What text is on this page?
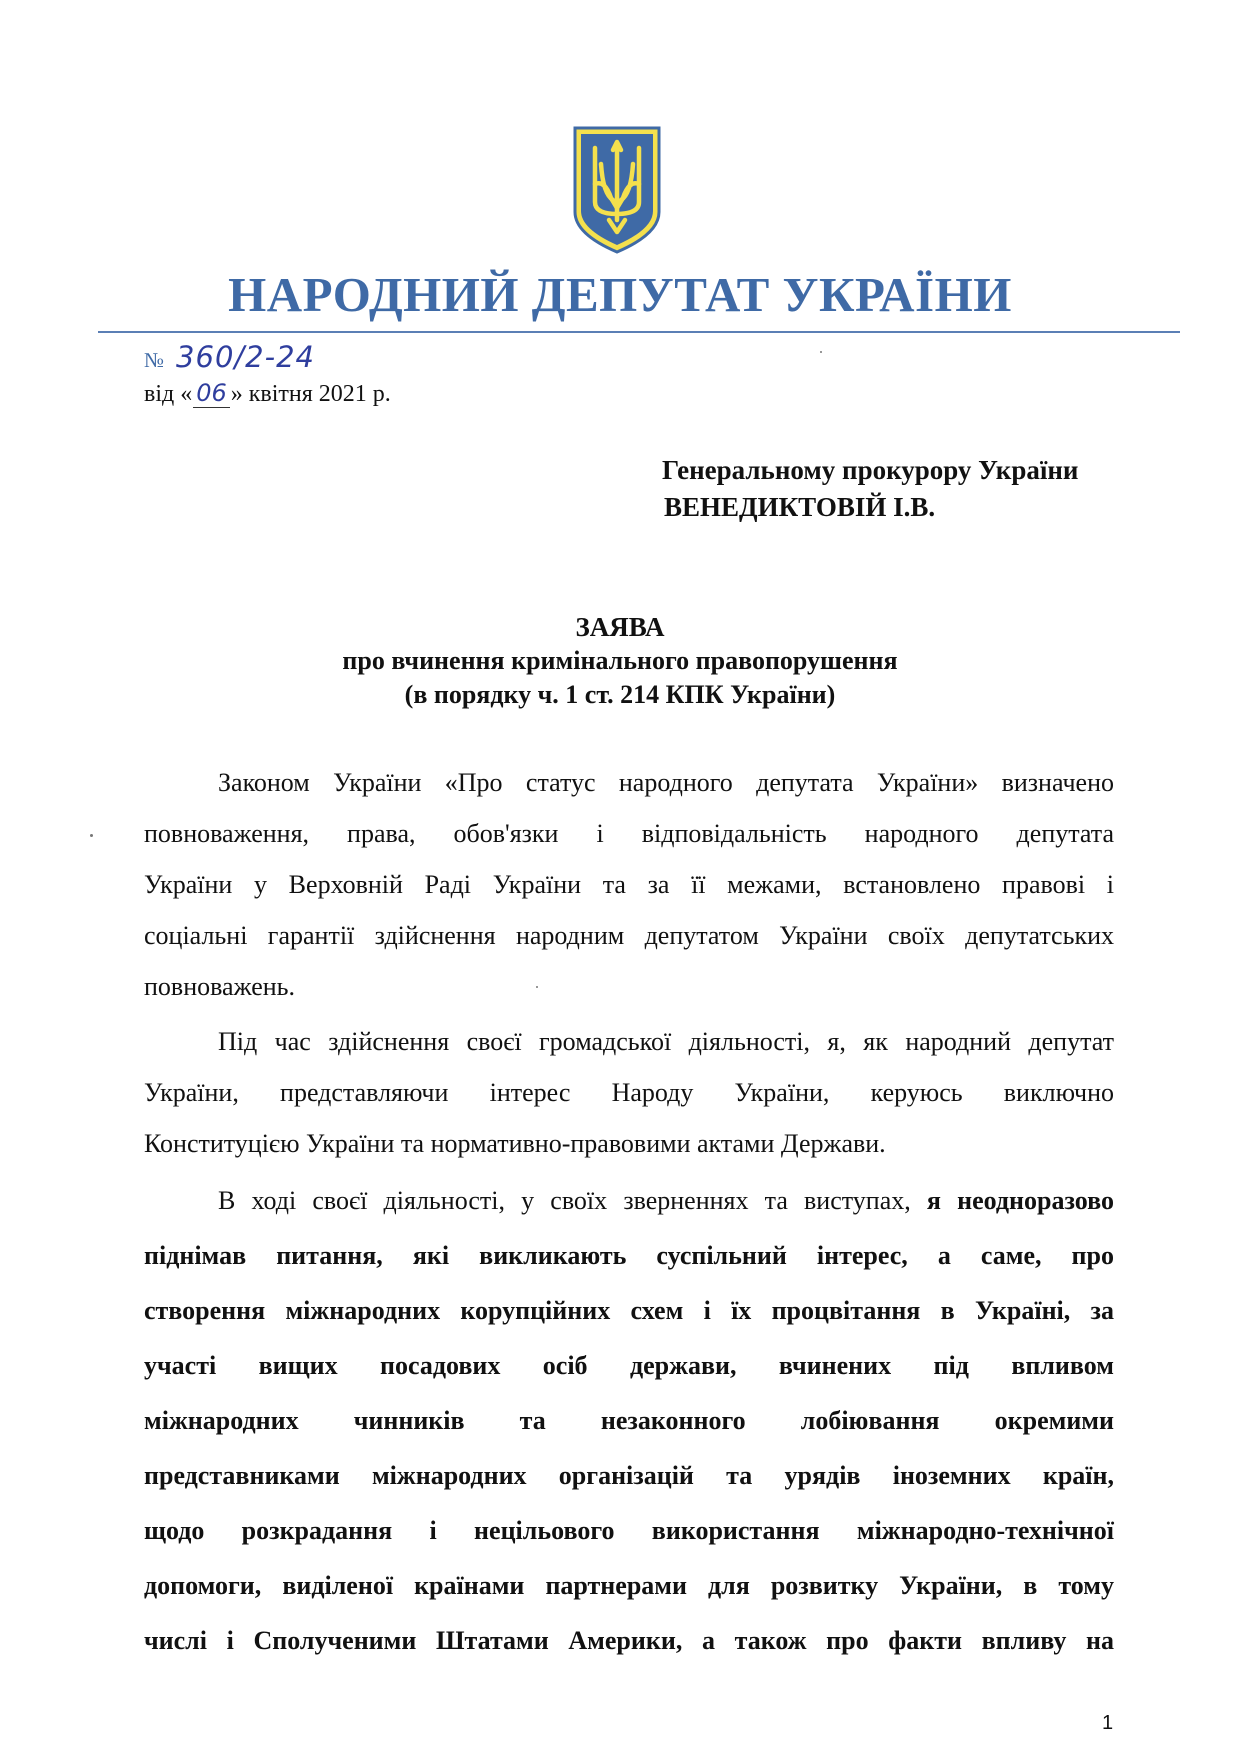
НАРОДНИЙ ДЕПУТАТ УКРАЇНИ
№ 360/2-24
від « 06 » квітня 2021 р.
Генеральному прокурору України
ВЕНЕДИКТОВІЙ І.В.
ЗАЯВА
про вчинення кримінального правопорушення
(в порядку ч. 1 ст. 214 КПК України)
Законом України «Про статус народного депутата України» визначено
повноваження, права, обов'язки і відповідальність народного депутата
України у Верховній Раді України та за її межами, встановлено правові і
соціальні гарантії здійснення народним депутатом України своїх депутатських
повноважень.
Під час здійснення своєї громадської діяльності, я, як народний депутат
України, представляючи інтерес Народу України, керуюсь виключно
Конституцією України та нормативно-правовими актами Держави.
В ході своєї діяльності, у своїх зверненнях та виступах, я неодноразово
піднімав питання, які викликають суспільний інтерес, а саме, про
створення міжнародних корупційних схем і їх процвітання в Україні, за
участі вищих посадових осіб держави, вчинених під впливом
міжнародних чинників та незаконного лобіювання окремими
представниками міжнародних організацій та урядів іноземних країн,
щодо розкрадання і нецільового використання міжнародно-технічної
допомоги, виділеної країнами партнерами для розвитку України, в тому
числі і Сполученими Штатами Америки, а також про факти впливу на
1
